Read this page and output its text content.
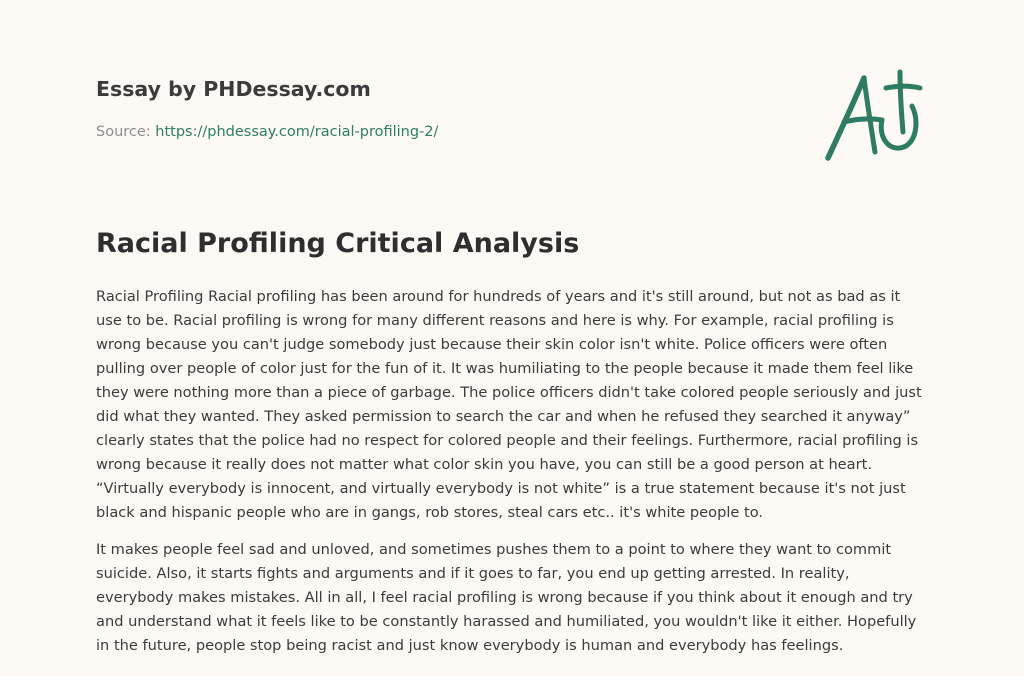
Essay by PHDessay.com
Source: https://phdessay.com/racial-profiling-2/
Racial Profiling Critical Analysis

Racial Profiling Racial profiling has been around for hundreds of years and it's still around, but not as bad as it use to be. Racial profiling is wrong for many different reasons and here is why. For example, racial profiling is wrong because you can't judge somebody just because their skin color isn't white. Police officers were often pulling over people of color just for the fun of it. It was humiliating to the people because it made them feel like they were nothing more than a piece of garbage. The police officers didn't take colored people seriously and just did what they wanted. They asked permission to search the car and when he refused they searched it anyway” clearly states that the police had no respect for colored people and their feelings. Furthermore, racial profiling is wrong because it really does not matter what color skin you have, you can still be a good person at heart. “Virtually everybody is innocent, and virtually everybody is not white” is a true statement because it's not just black and hispanic people who are in gangs, rob stores, steal cars etc.. it's white people to.

It makes people feel sad and unloved, and sometimes pushes them to a point to where they want to commit suicide. Also, it starts fights and arguments and if it goes to far, you end up getting arrested. In reality, everybody makes mistakes. All in all, I feel racial profiling is wrong because if you think about it enough and try and understand what it feels like to be constantly harassed and humiliated, you wouldn't like it either. Hopefully in the future, people stop being racist and just know everybody is human and everybody has feelings.
